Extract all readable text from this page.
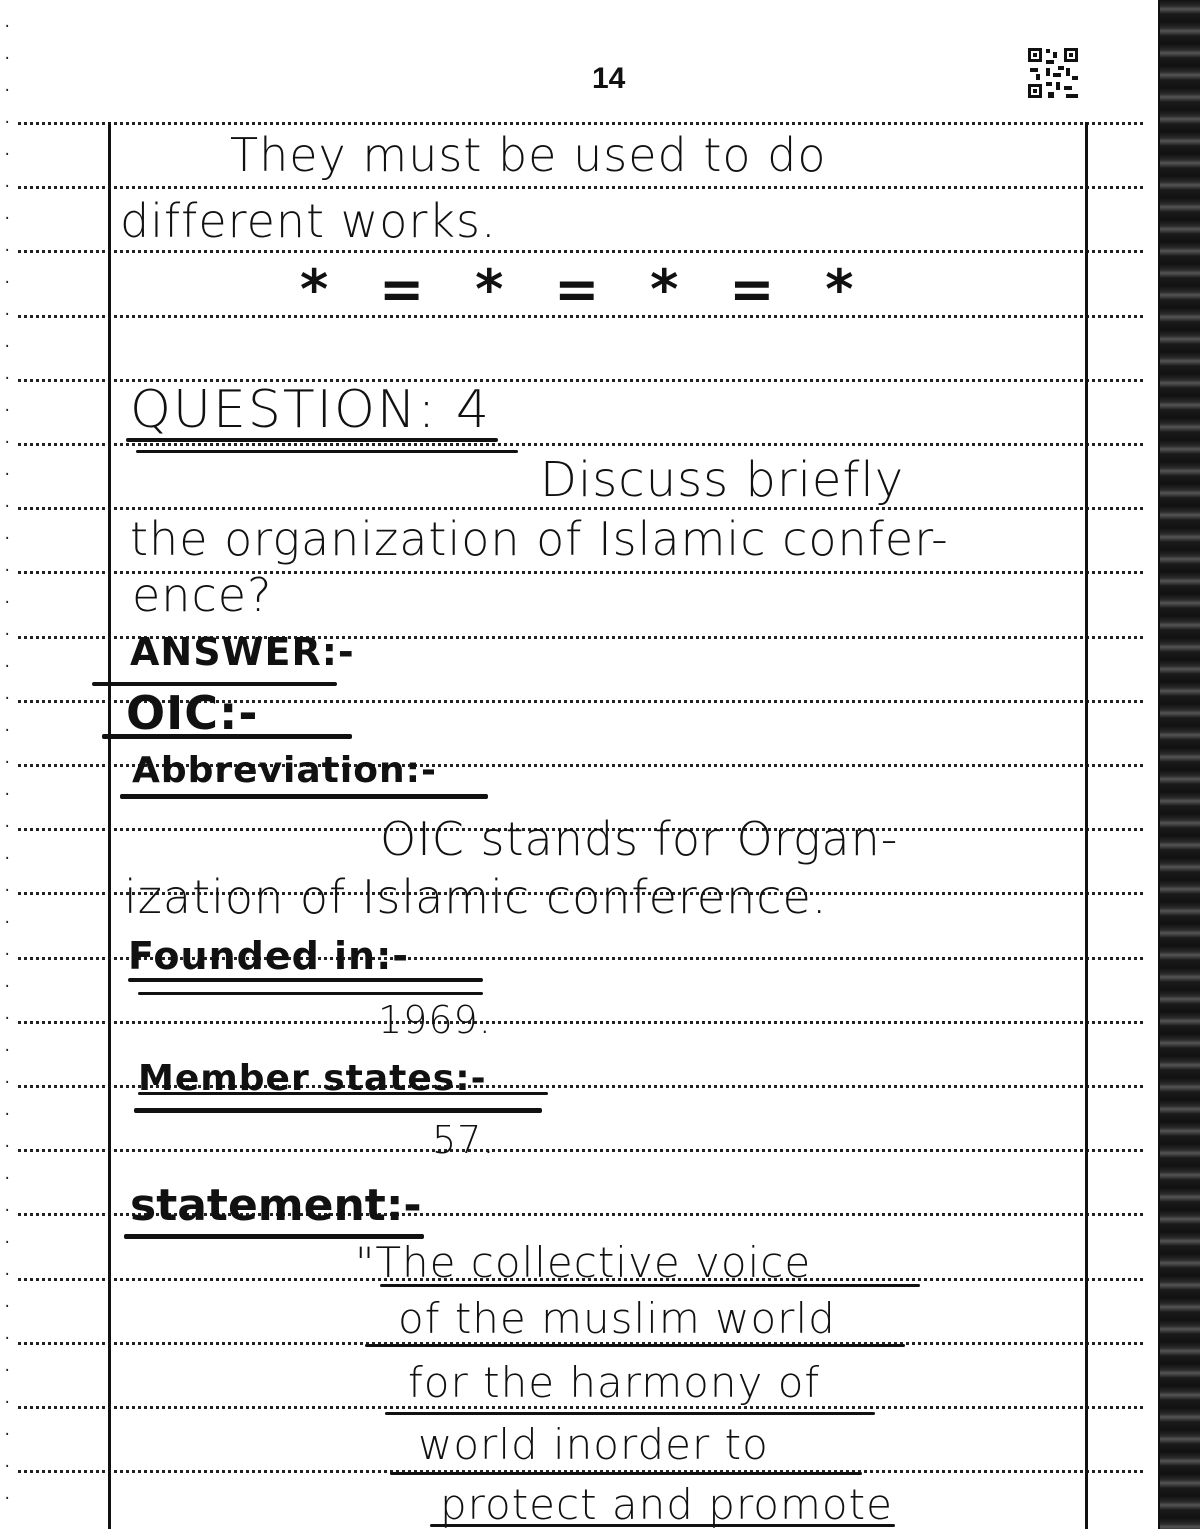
·
·
·
·
·
·
·
·
·
·
·
·
·
·
·
·
·
·
·
·
·
·
·
·
·
·
·
·
·
·
·
·
·
·
·
·
·
·
·
·
·
·
·
·
·
·
·
14
They must be used to do
different works.
* = * = * = *
QUESTION: 4
Discuss briefly
the organization of Islamic confer-
ence?
ANSWER:-
OIC:-
Abbreviation:-
OIC stands for Organ-
ization of Islamic conference.
Founded in:-
1969.
Member states:-
57.
statement:-
"The collective voice
of the muslim world
for the harmony of
world inorder to
protect and promote
